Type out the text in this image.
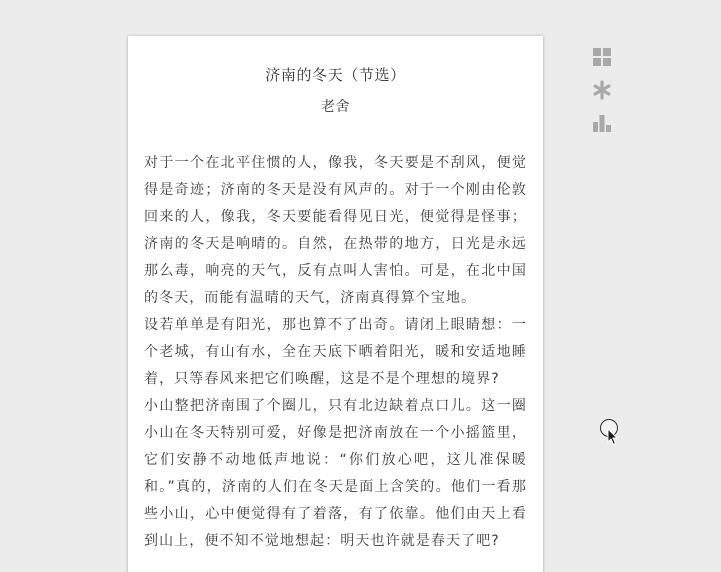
济南的冬天（节选）
老舍

对于一个在北平住惯的人，像我，冬天要是不刮风，便觉得是奇迹；济南的冬天是没有风声的。对于一个刚由伦敦回来的人，像我，冬天要能看得见日光，便觉得是怪事；济南的冬天是响晴的。自然，在热带的地方，日光是永远那么毒，响亮的天气，反有点叫人害怕。可是，在北中国的冬天，而能有温晴的天气，济南真得算个宝地。

设若单单是有阳光，那也算不了出奇。请闭上眼睛想：一个老城，有山有水，全在天底下晒着阳光，暖和安适地睡着，只等春风来把它们唤醒，这是不是个理想的境界?

小山整把济南围了个圈儿，只有北边缺着点口儿。这一圈小山在冬天特别可爱，好像是把济南放在一个小摇篮里，它们安静不动地低声地说：“你们放心吧，这儿准保暖和。”真的，济南的人们在冬天是面上含笑的。他们一看那些小山，心中便觉得有了着落，有了依靠。他们由天上看到山上，便不知不觉地想起：明天也许就是春天了吧?
